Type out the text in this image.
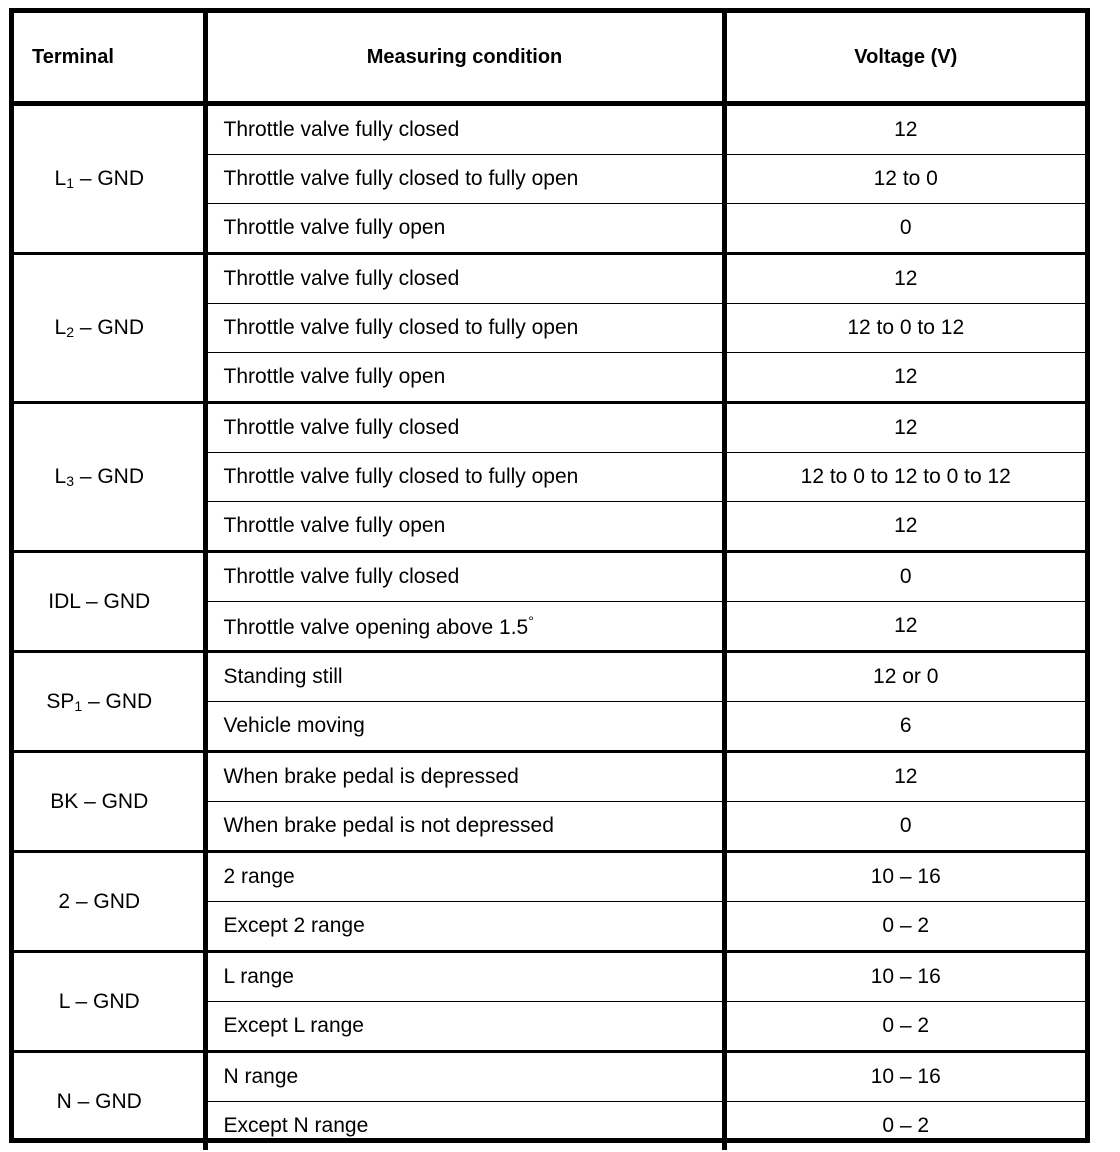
Terminal	Measuring condition	Voltage (V)
$L_1$ – GND	Throttle valve fully closed	12
	Throttle valve fully closed to fully open	12 to 0
	Throttle valve fully open	0
$L_2$ – GND	Throttle valve fully closed	12
	Throttle valve fully closed to fully open	12 to 0 to 12
	Throttle valve fully open	12
$L_3$ – GND	Throttle valve fully closed	12
	Throttle valve fully closed to fully open	12 to 0 to 12 to 0 to 12
	Throttle valve fully open	12
IDL – GND	Throttle valve fully closed	0
	Throttle valve opening above 1.5°	12
$SP_1$ – GND	Standing still	12 or 0
	Vehicle moving	6
BK – GND	When brake pedal is depressed	12
	When brake pedal is not depressed	0
2 – GND	2 range	10 – 16
	Except 2 range	0 – 2
L – GND	L range	10 – 16
	Except L range	0 – 2
N – GND	N range	10 – 16
	Except N range	0 – 2
